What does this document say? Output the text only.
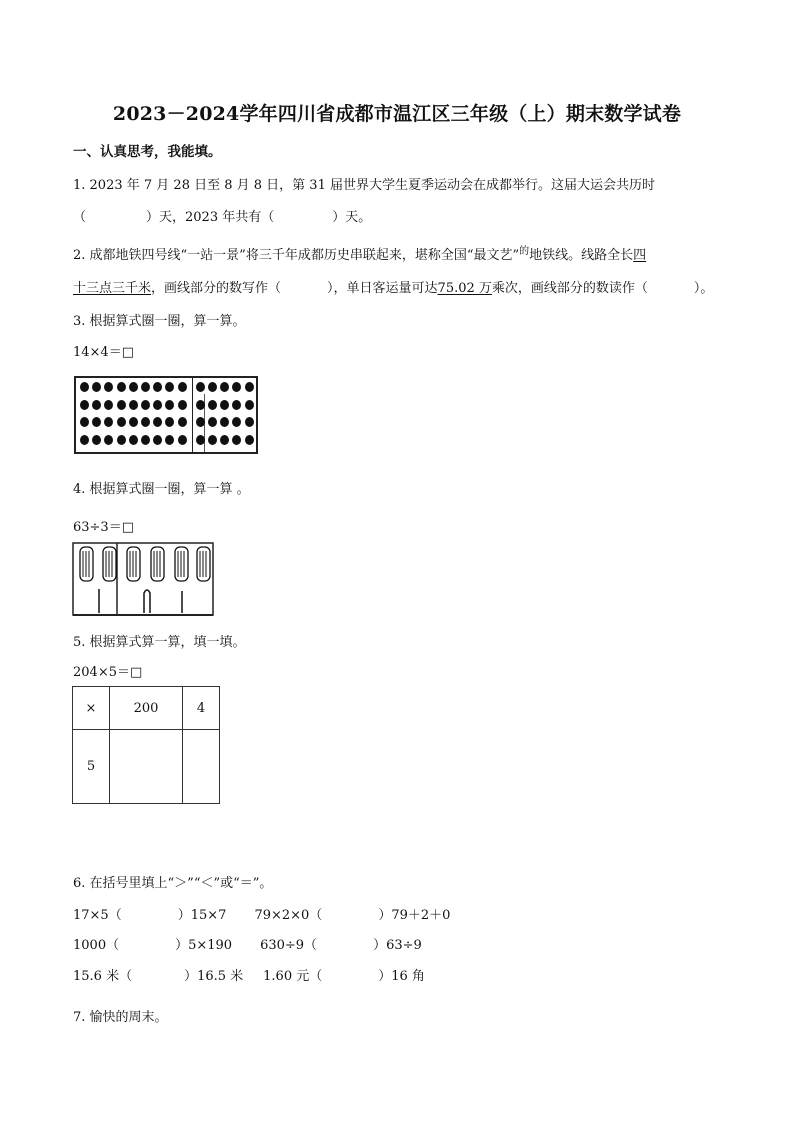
2023－2024学年四川省成都市温江区三年级（上）期末数学试卷
一、认真思考，我能填。
1. 2023 年 7 月 28 日至 8 月 8 日，第 31 届世界大学生夏季运动会在成都举行。这届大运会共历时
（	）天，2023 年共有（	）天。
2. 成都地铁四号线“一站一景”将三千年成都历史串联起来，堪称全国“最文艺”$^的$地铁线。线路全长四
十三点三千米，画线部分的数写作（	），单日客运量可达75.02 万乘次，画线部分的数读作（	）。
3. 根据算式圈一圈，算一算。
14×4＝□
4. 根据算式圈一圈，算一算 。
63÷3＝□
5. 根据算式算一算，填一填。
204×5＝□
×	200	4
5		
6. 在括号里填上“＞”“＜”或“＝”。
17×5（	）15×7 79×2×0（	）79＋2＋0
1000（	）5×190 630÷9（	）63÷9
15.6 米（	）16.5 米 1.60 元（	）16 角
7. 愉快的周末。
